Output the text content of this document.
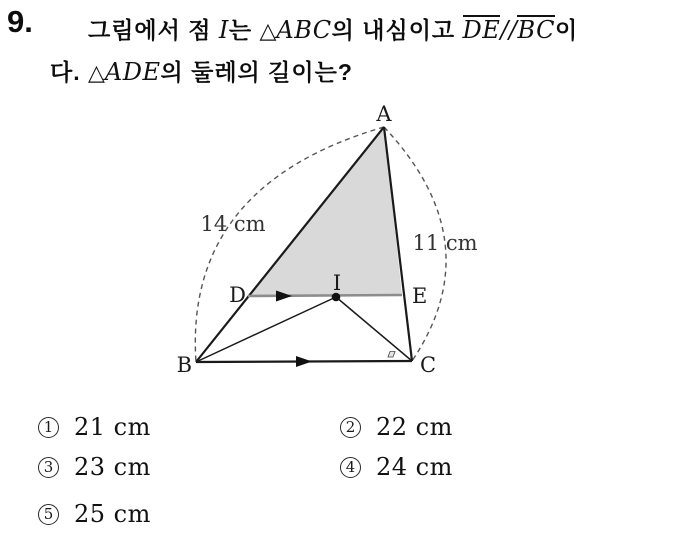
9. 그림에서 점 I는 △ABC의 내심이고 DE//BC이
다. △ADE의 둘레의 길이는?
A
B	C
D	E
I
14 cm
11 cm
1 21 cm	2 22 cm
3 23 cm	4 24 cm
5 25 cm
